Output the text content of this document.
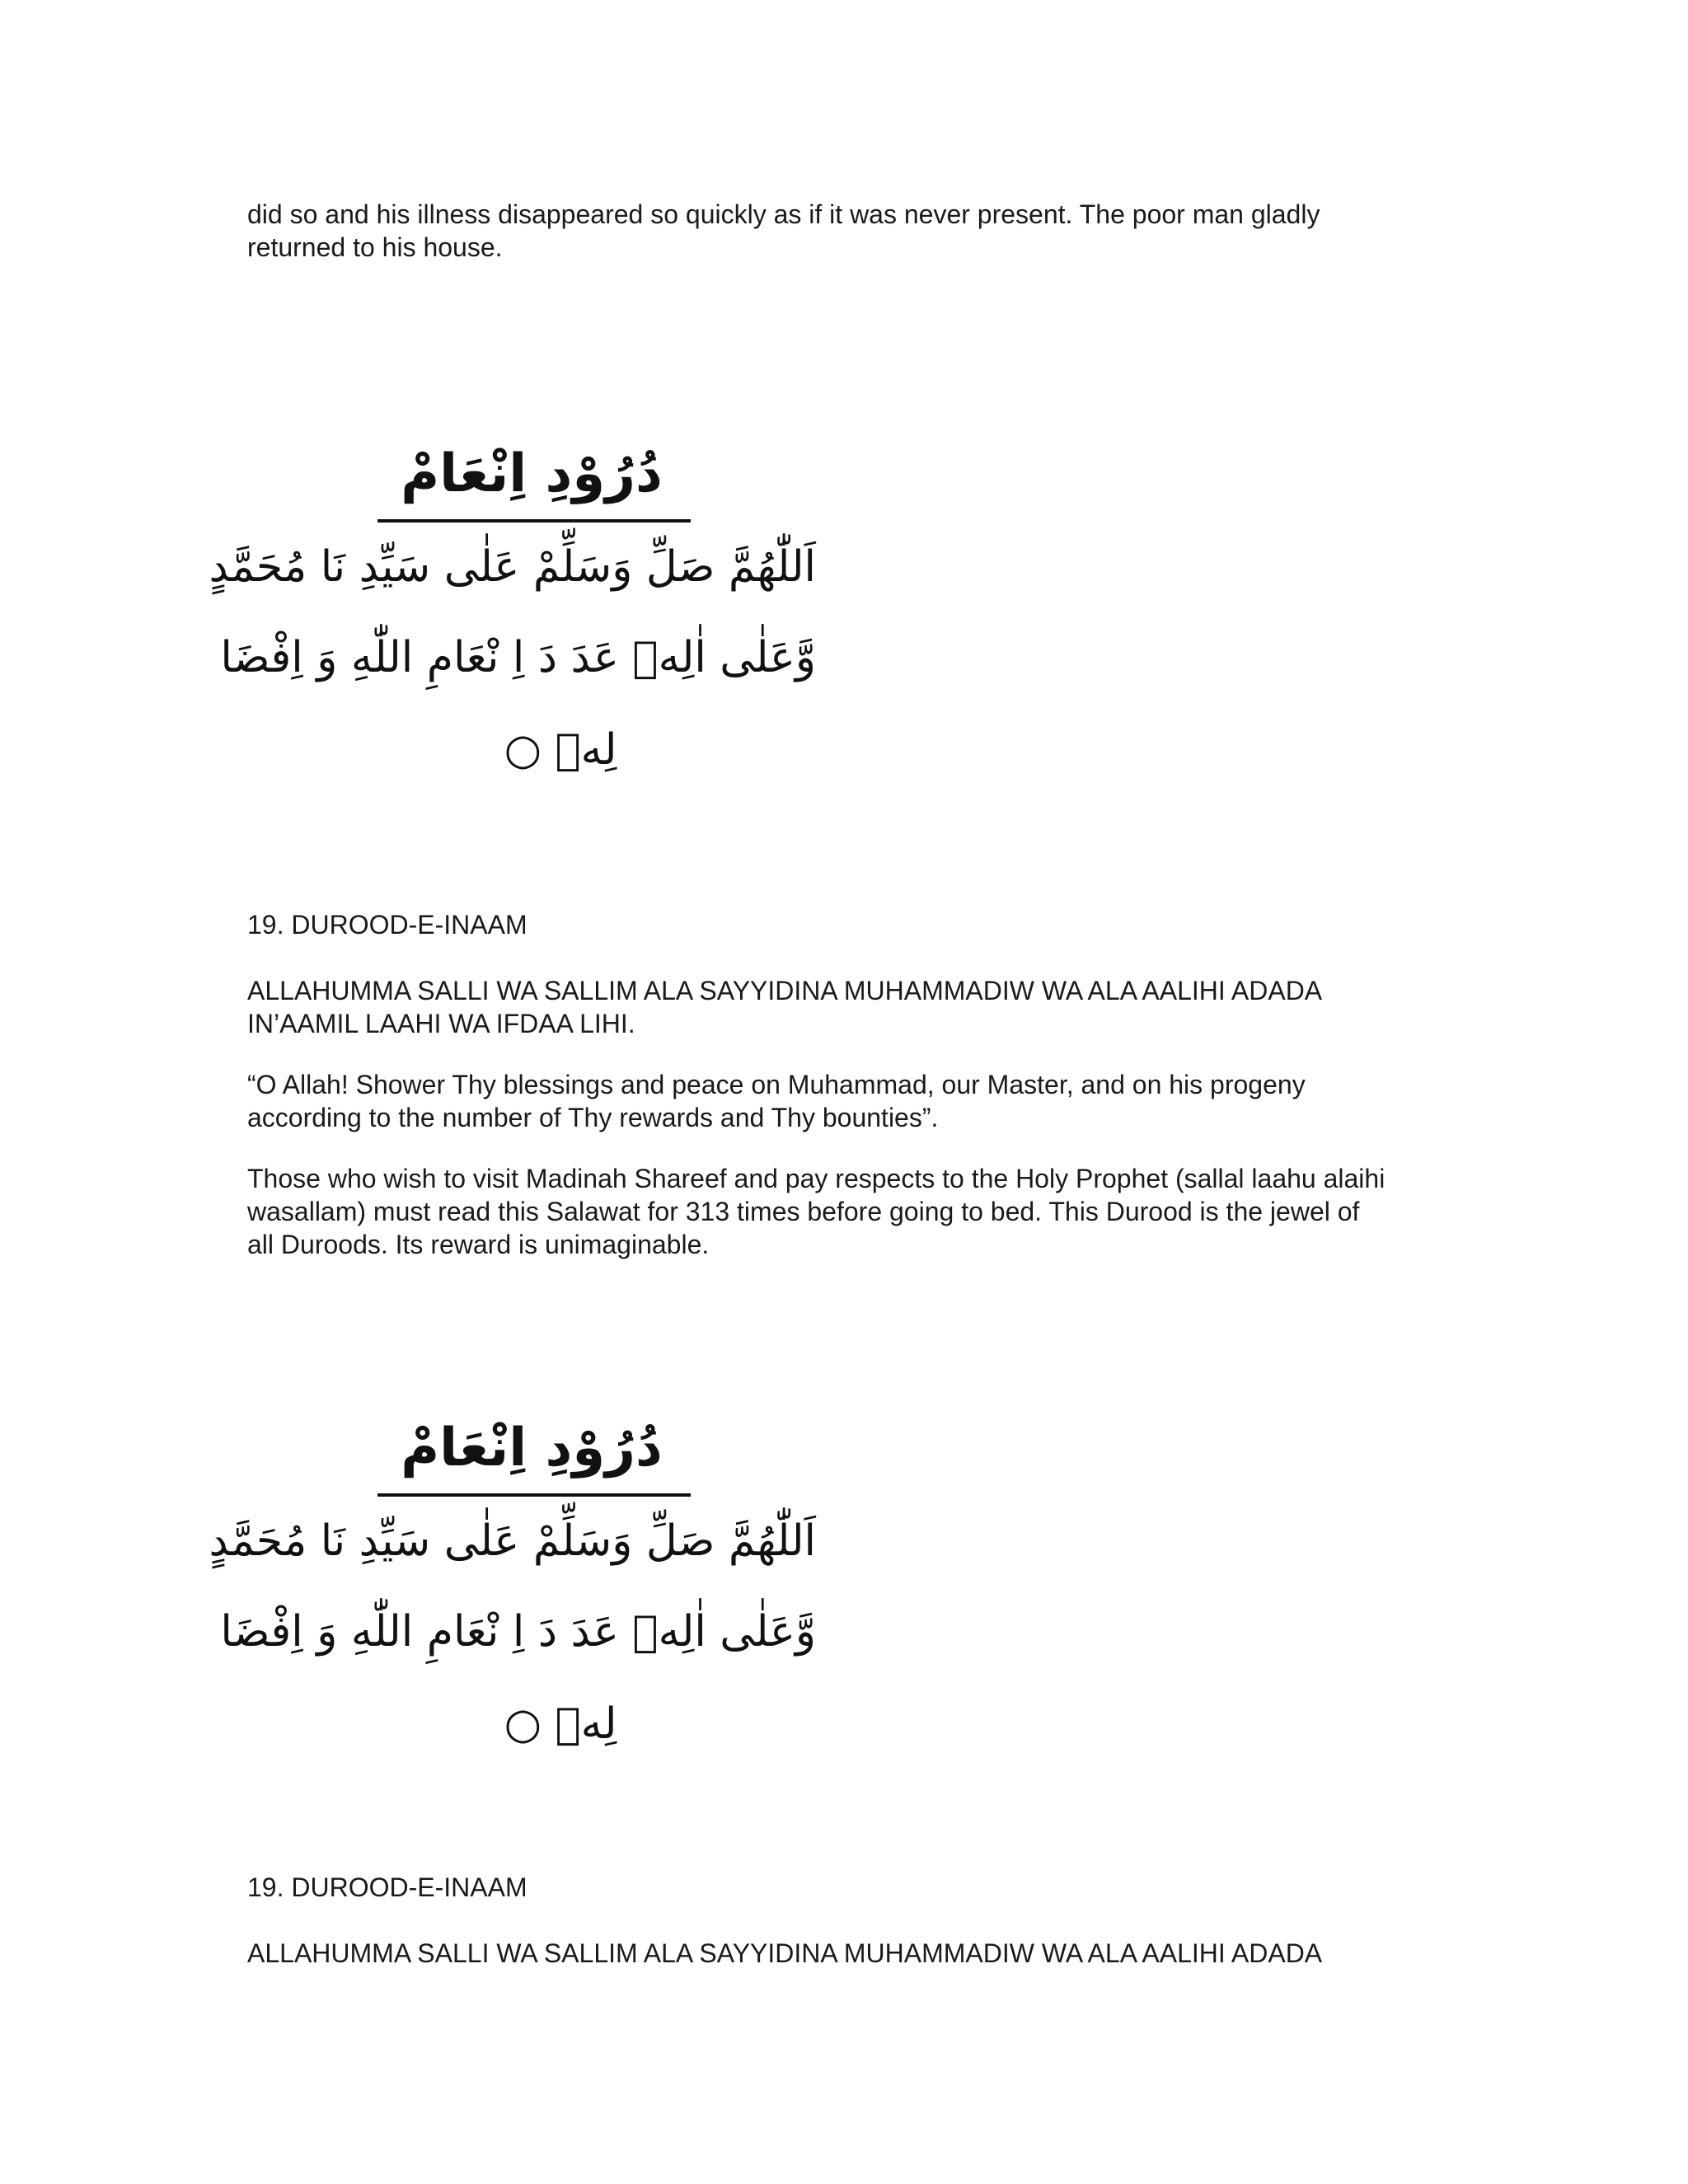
did so and his illness disappeared so quickly as if it was never present. The poor man gladly
returned to his house.

دُرُوْدِ اِنْعَامْ
اَللّٰهُمَّ صَلِّ وَسَلِّمْ عَلٰى سَيِّدِ نَا مُحَمَّدٍ
وَّعَلٰى اٰلِهٖ عَدَ دَ اِ نْعَامِ اللّٰهِ وَ اِفْضَا
لِهٖ ○

19. DUROOD-E-INAAM

ALLAHUMMA SALLI WA SALLIM ALA SAYYIDINA MUHAMMADIW WA ALA AALIHI ADADA
IN’AAMIL LAAHI WA IFDAA LIHI.

“O Allah! Shower Thy blessings and peace on Muhammad, our Master, and on his progeny
according to the number of Thy rewards and Thy bounties”.

Those who wish to visit Madinah Shareef and pay respects to the Holy Prophet (sallal laahu alaihi
wasallam) must read this Salawat for 313 times before going to bed. This Durood is the jewel of
all Duroods. Its reward is unimaginable.

دُرُوْدِ اِنْعَامْ
اَللّٰهُمَّ صَلِّ وَسَلِّمْ عَلٰى سَيِّدِ نَا مُحَمَّدٍ
وَّعَلٰى اٰلِهٖ عَدَ دَ اِ نْعَامِ اللّٰهِ وَ اِفْضَا
لِهٖ ○

19. DUROOD-E-INAAM

ALLAHUMMA SALLI WA SALLIM ALA SAYYIDINA MUHAMMADIW WA ALA AALIHI ADADA
